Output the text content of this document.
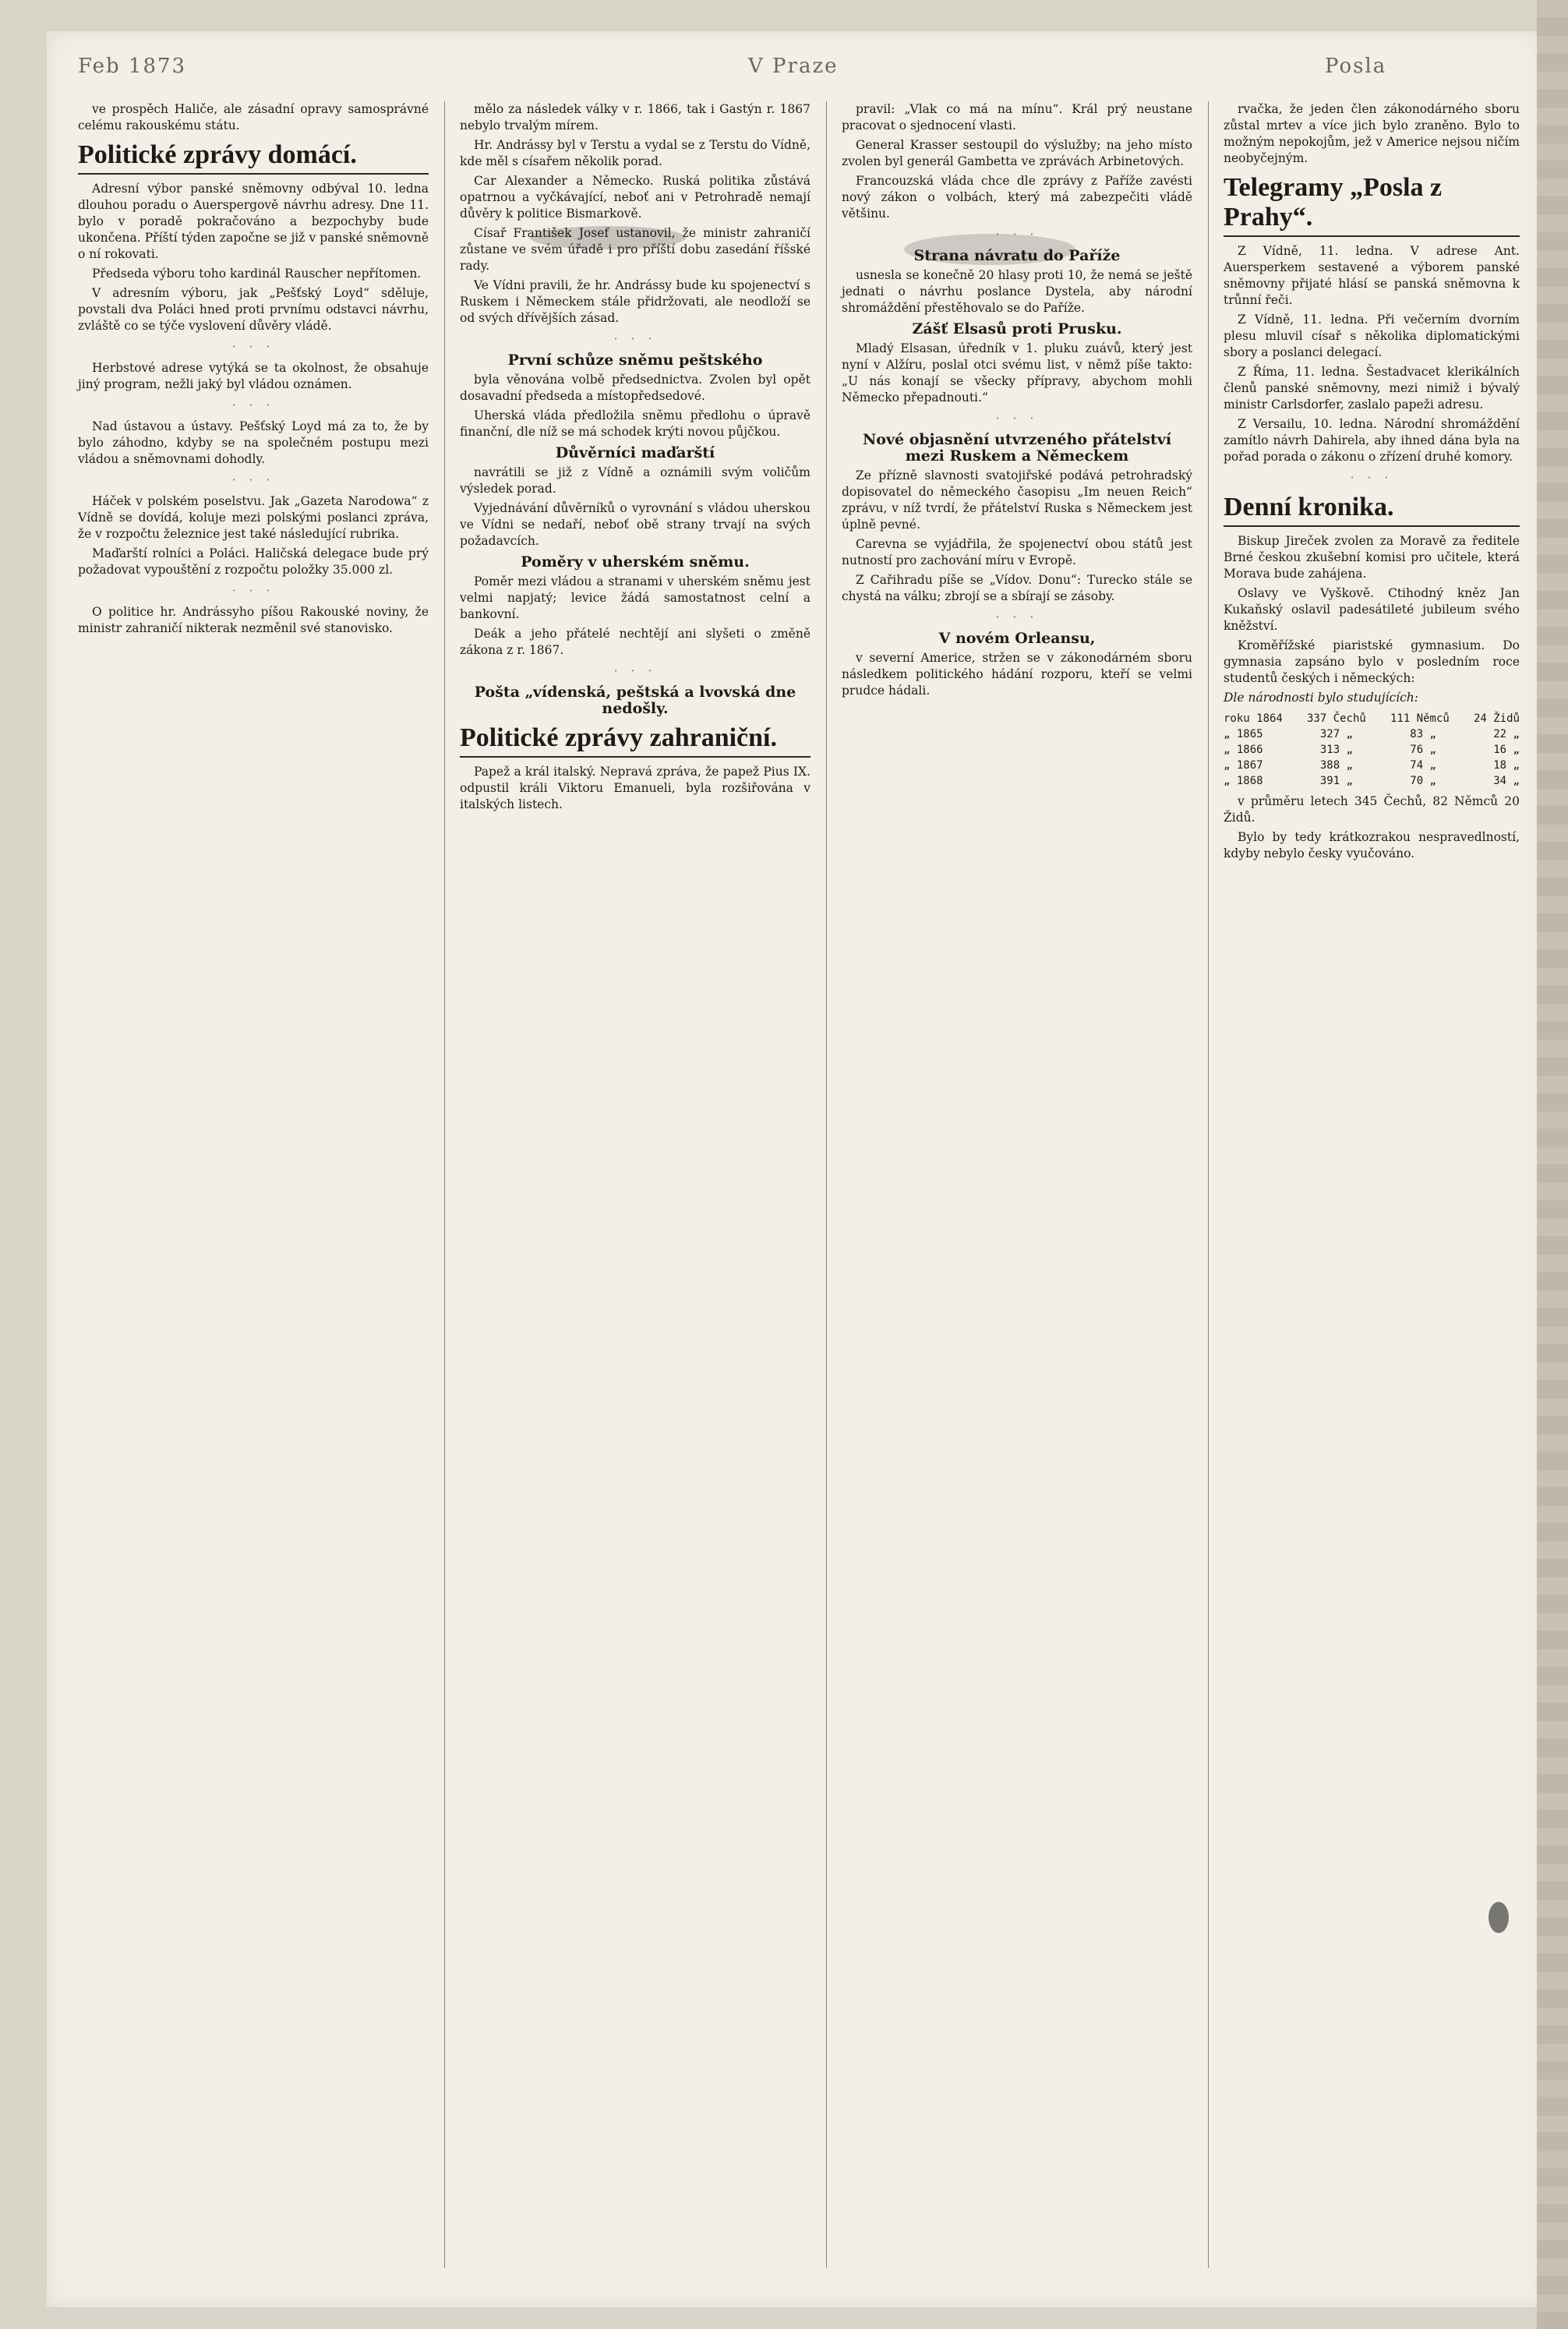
Feb 1873	V Praze	Posla

ve prospěch Haliče, ale zásadní opravy samosprávné celému rakouskému státu.

Politické zprávy domácí.

Adresní výbor panské sněmovny odbýval 10. ledna dlouhou poradu o Auerspergově návrhu adresy. Dne 11. bylo v poradě pokračováno a bezpochyby bude ukončena. Příští týden započne se již v panské sněmovně o ní rokovati.

Předseda výboru toho kardinál Rauscher nepřítomen.

V adresním výboru, jak „Pešťský Loyd“ sděluje, povstali dva Poláci hned proti prvnímu odstavci návrhu, zvláště co se týče vyslovení důvěry vládě.

· · ·

Herbstové adrese vytýká se ta okolnost, že obsahuje jiný program, nežli jaký byl vládou oznámen.

· · ·

Nad ústavou a ústavy. Pešťský Loyd má za to, že by bylo záhodno, kdyby se na společném postupu mezi vládou a sněmovnami dohodly.

· · ·

Háček v polském poselstvu. Jak „Gazeta Narodowa“ z Vídně se dovídá, koluje mezi polskými poslanci zpráva, že v rozpočtu železnice jest také následující rubrika.

Maďarští rolníci a Poláci. Haličská delegace bude prý požadovat vypouštění z rozpočtu položky 35.000 zl.

· · ·

O politice hr. Andrássyho píšou Rakouské noviny, že ministr zahraničí nikterak nezměnil své stanovisko.

mělo za následek války v r. 1866, tak i Gastýn r. 1867 nebylo trvalým mírem.

Hr. Andrássy byl v Terstu a vydal se z Terstu do Vídně, kde měl s císařem několik porad.

Car Alexander a Německo. Ruská politika zůstává opatrnou a vyčkávající, neboť ani v Petrohradě nemají důvěry k politice Bismarkově.

Císař František Josef ustanovil, že ministr zahraničí zůstane ve svém úřadě i pro příští dobu zasedání říšské rady.

Ve Vídni pravili, že hr. Andrássy bude ku spojenectví s Ruskem i Německem stále přidržovati, ale neodloží se od svých dřívějších zásad.

· · ·
První schůze sněmu peštského

byla věnována volbě předsednictva. Zvolen byl opět dosavadní předseda a místopředsedové.

Uherská vláda předložila sněmu předlohu o úpravě finanční, dle níž se má schodek krýti novou půjčkou.

Důvěrníci maďarští

navrátili se již z Vídně a oznámili svým voličům výsledek porad.

Vyjednávání důvěrníků o vyrovnání s vládou uherskou ve Vídni se nedaří, neboť obě strany trvají na svých požadavcích.

Poměry v uherském sněmu.

Poměr mezi vládou a stranami v uherském sněmu jest velmi napjatý; levice žádá samostatnost celní a bankovní.

Deák a jeho přátelé nechtějí ani slyšeti o změně zákona z r. 1867.

· · ·
Pošta „vídenská, peštská a lvovská dne nedošly.
Politické zprávy zahraniční.

Papež a král italský. Nepravá zpráva, že papež Pius IX. odpustil králi Viktoru Emanueli, byla rozšiřována v italských listech.

pravil: „Vlak co má na mínu“. Král prý neustane pracovat o sjednocení vlasti.

General Krasser sestoupil do výslužby; na jeho místo zvolen byl generál Gambetta ve zprávách Arbinetových.

Francouzská vláda chce dle zprávy z Paříže zavésti nový zákon o volbách, který má zabezpečiti vládě většinu.

· · ·
Strana návratu do Paříže

usnesla se konečně 20 hlasy proti 10, že nemá se ještě jednati o návrhu poslance Dystela, aby národní shromáždění přestěhovalo se do Paříže.

Zášť Elsasů proti Prusku.

Mladý Elsasan, úředník v 1. pluku zuávů, který jest nyní v Alžíru, poslal otci svému list, v němž píše takto: „U nás konají se všecky přípravy, abychom mohli Německo přepadnouti.“

· · ·
Nové objasnění utvrzeného přátelství mezi Ruskem a Německem

Ze přízně slavnosti svatojiřské podává petrohradský dopisovatel do německého časopisu „Im neuen Reich“ zprávu, v níž tvrdí, že přátelství Ruska s Německem jest úplně pevné.

Carevna se vyjádřila, že spojenectví obou států jest nutností pro zachování míru v Evropě.

Z Cařihradu píše se „Vídov. Donu“: Turecko stále se chystá na válku; zbrojí se a sbírají se zásoby.

· · ·
V novém Orleansu,

v severní Americe, stržen se v zákonodárném sboru následkem politického hádání rozporu, kteří se velmi prudce hádali.

rvačka, že jeden člen zákonodárného sboru zůstal mrtev a více jich bylo zraněno. Bylo to možným nepokojům, jež v Americe nejsou ničím neobyčejným.

Telegramy „Posla z Prahy“.

Z Vídně, 11. ledna. V adrese Ant. Auersperkem sestavené a výborem panské sněmovny přijaté hlásí se panská sněmovna k trůnní řeči.

Z Vídně, 11. ledna. Při večerním dvorním plesu mluvil císař s několika diplomatickými sbory a poslanci delegací.

Z Říma, 11. ledna. Šestadvacet klerikálních členů panské sněmovny, mezi nimiž i bývalý ministr Carlsdorfer, zaslalo papeži adresu.

Z Versailu, 10. ledna. Národní shromáždění zamítlo návrh Dahirela, aby ihned dána byla na pořad porada o zákonu o zřízení druhé komory.

· · ·
Denní kronika.

Biskup Jireček zvolen za Moravě za ředitele Brné českou zkušební komisi pro učitele, která Morava bude zahájena.

Oslavy ve Vyškově. Ctihodný kněz Jan Kukaňský oslavil padesátileté jubileum svého kněžství.

Kroměřížské piaristské gymnasium. Do gymnasia zapsáno bylo v posledním roce studentů českých i německých:

Dle národnosti bylo studujících:

roku 1864 337 Čechů 111 Němců 24 Židů
„ 1865	327 „	83 „	22 „
„ 1866	313 „	76 „	16 „
„ 1867	388 „	74 „	18 „
„ 1868	391 „	70 „	34 „

v průměru letech 345 Čechů, 82 Němců 20 Židů.

Bylo by tedy krátkozrakou nespravedlností, kdyby nebylo česky vyučováno.
